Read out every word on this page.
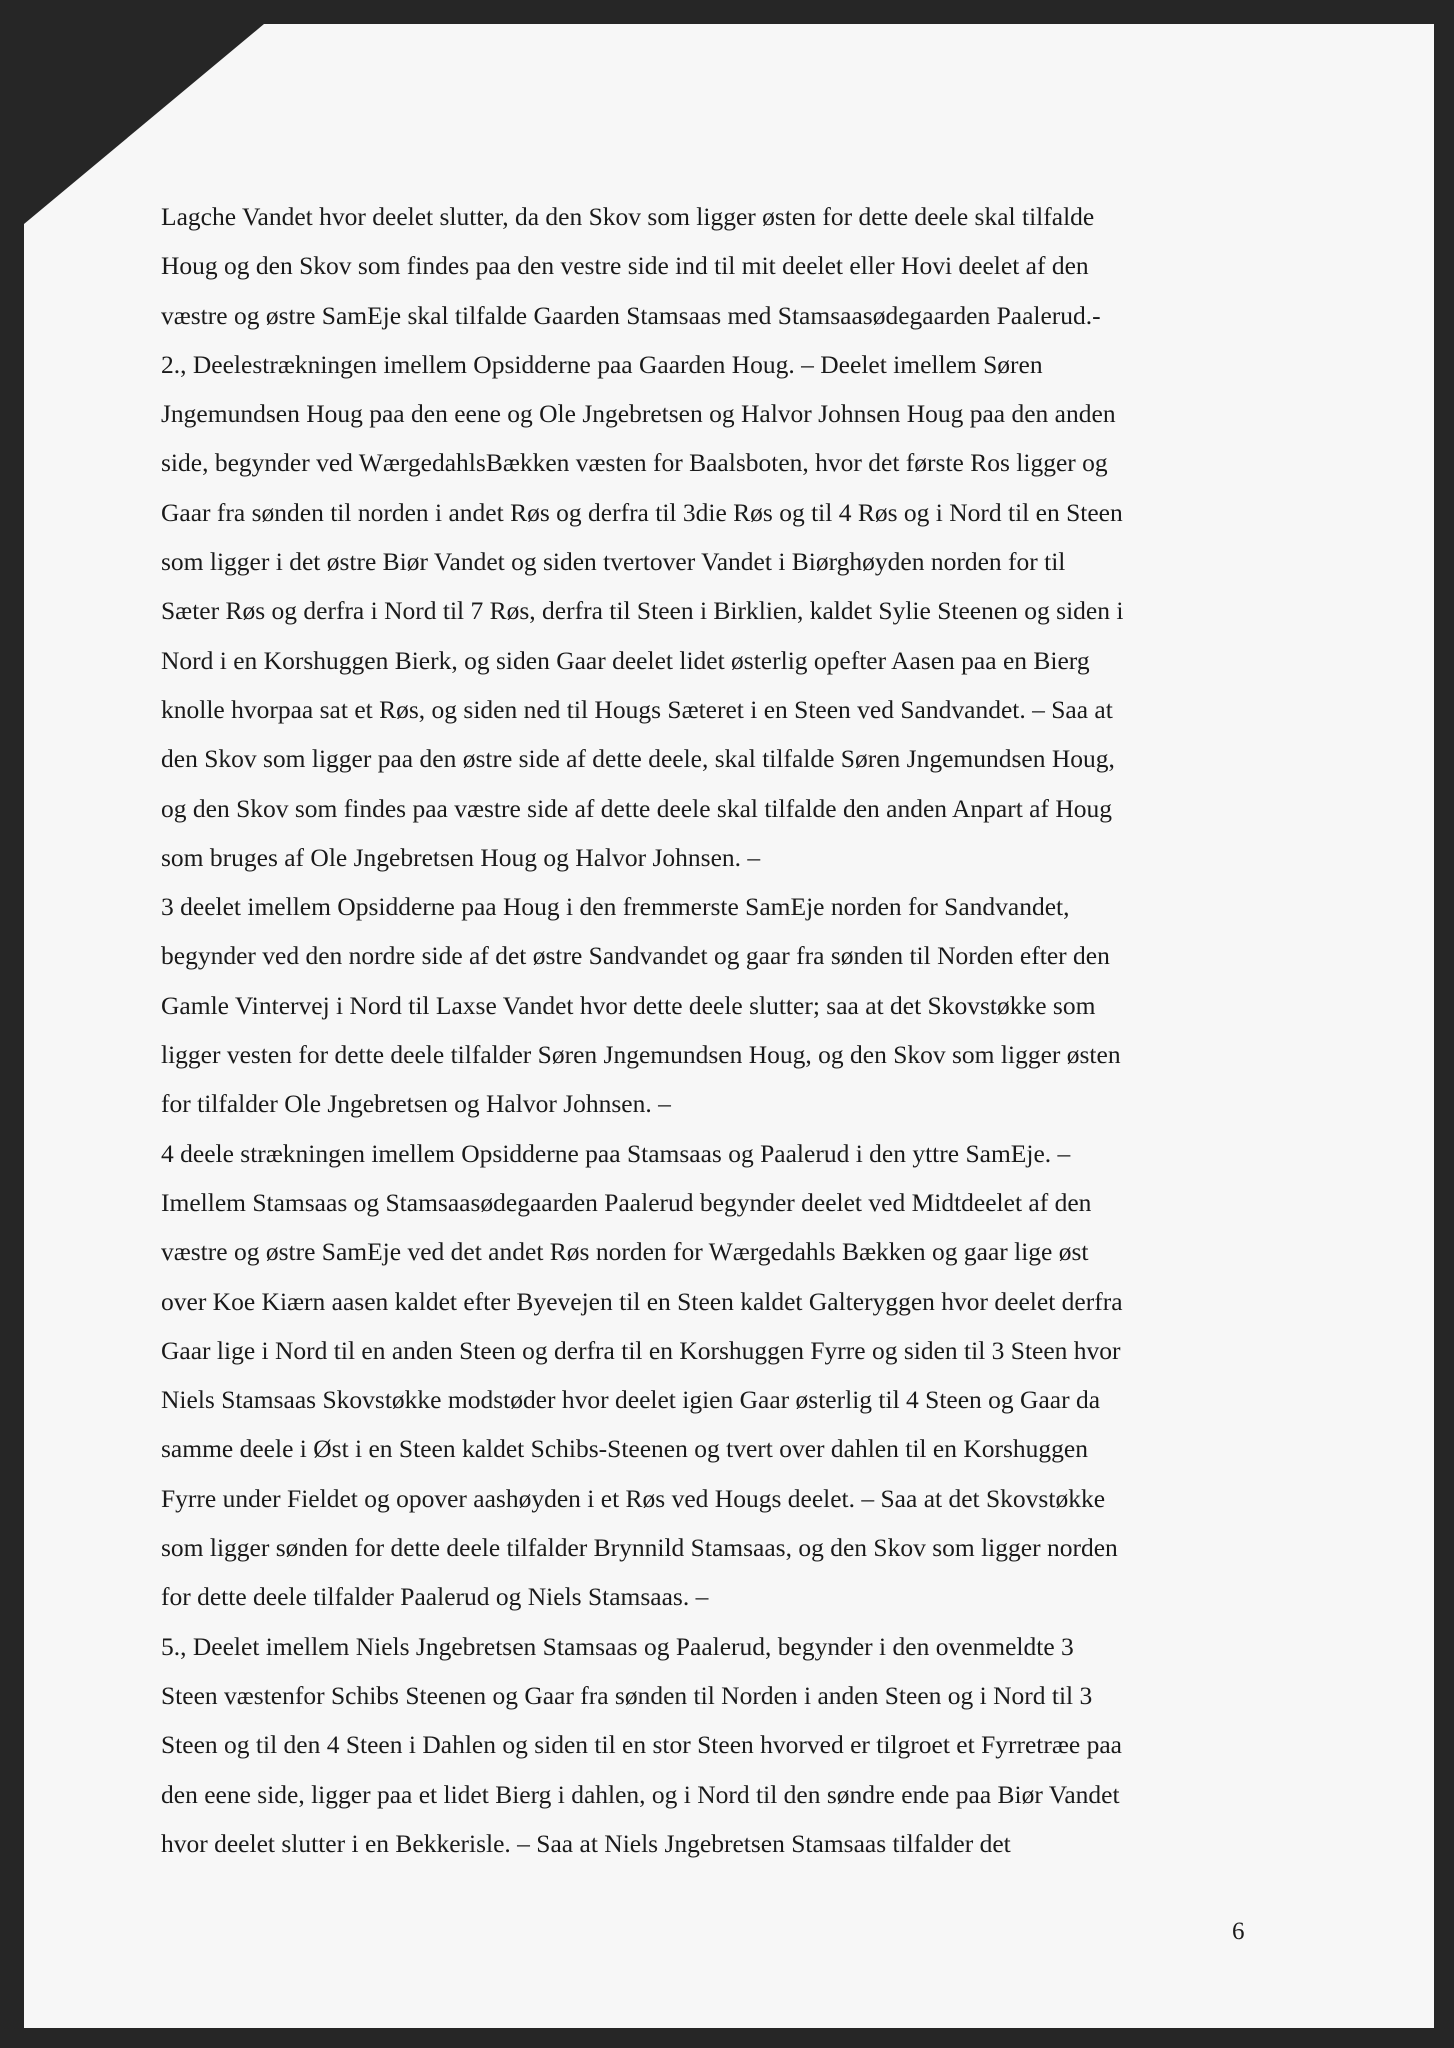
Lagche Vandet hvor deelet slutter, da den Skov som ligger østen for dette deele skal tilfalde
Houg og den Skov som findes paa den vestre side ind til mit deelet eller Hovi deelet af den
væstre og østre SamEje skal tilfalde Gaarden Stamsaas med Stamsaasødegaarden Paalerud.-
2., Deelestrækningen imellem Opsidderne paa Gaarden Houg. – Deelet imellem Søren
Jngemundsen Houg paa den eene og Ole Jngebretsen og Halvor Johnsen Houg paa den anden
side, begynder ved WærgedahlsBækken væsten for Baalsboten, hvor det første Ros ligger og
Gaar fra sønden til norden i andet Røs og derfra til 3die Røs og til 4 Røs og i Nord til en Steen
som ligger i det østre Biør Vandet og siden tvertover Vandet i Biørghøyden norden for til
Sæter Røs og derfra i Nord til 7 Røs, derfra til Steen i Birklien, kaldet Sylie Steenen og siden i
Nord i en Korshuggen Bierk, og siden Gaar deelet lidet østerlig opefter Aasen paa en Bierg
knolle hvorpaa sat et Røs, og siden ned til Hougs Sæteret i en Steen ved Sandvandet. – Saa at
den Skov som ligger paa den østre side af dette deele, skal tilfalde Søren Jngemundsen Houg,
og den Skov som findes paa væstre side af dette deele skal tilfalde den anden Anpart af Houg
som bruges af Ole Jngebretsen Houg og Halvor Johnsen. –
3 deelet imellem Opsidderne paa Houg i den fremmerste SamEje norden for Sandvandet,
begynder ved den nordre side af det østre Sandvandet og gaar fra sønden til Norden efter den
Gamle Vintervej i Nord til Laxse Vandet hvor dette deele slutter; saa at det Skovstøkke som
ligger vesten for dette deele tilfalder Søren Jngemundsen Houg, og den Skov som ligger østen
for tilfalder Ole Jngebretsen og Halvor Johnsen. –
4 deele strækningen imellem Opsidderne paa Stamsaas og Paalerud i den yttre SamEje. –
Imellem Stamsaas og Stamsaasødegaarden Paalerud begynder deelet ved Midtdeelet af den
væstre og østre SamEje ved det andet Røs norden for Wærgedahls Bækken og gaar lige øst
over Koe Kiærn aasen kaldet efter Byevejen til en Steen kaldet Galteryggen hvor deelet derfra
Gaar lige i Nord til en anden Steen og derfra til en Korshuggen Fyrre og siden til 3 Steen hvor
Niels Stamsaas Skovstøkke modstøder hvor deelet igien Gaar østerlig til 4 Steen og Gaar da
samme deele i Øst i en Steen kaldet Schibs-Steenen og tvert over dahlen til en Korshuggen
Fyrre under Fieldet og opover aashøyden i et Røs ved Hougs deelet. – Saa at det Skovstøkke
som ligger sønden for dette deele tilfalder Brynnild Stamsaas, og den Skov som ligger norden
for dette deele tilfalder Paalerud og Niels Stamsaas. –
5., Deelet imellem Niels Jngebretsen Stamsaas og Paalerud, begynder i den ovenmeldte 3
Steen væstenfor Schibs Steenen og Gaar fra sønden til Norden i anden Steen og i Nord til 3
Steen og til den 4 Steen i Dahlen og siden til en stor Steen hvorved er tilgroet et Fyrretræe paa
den eene side, ligger paa et lidet Bierg i dahlen, og i Nord til den søndre ende paa Biør Vandet
hvor deelet slutter i en Bekkerisle. – Saa at Niels Jngebretsen Stamsaas tilfalder det
6
